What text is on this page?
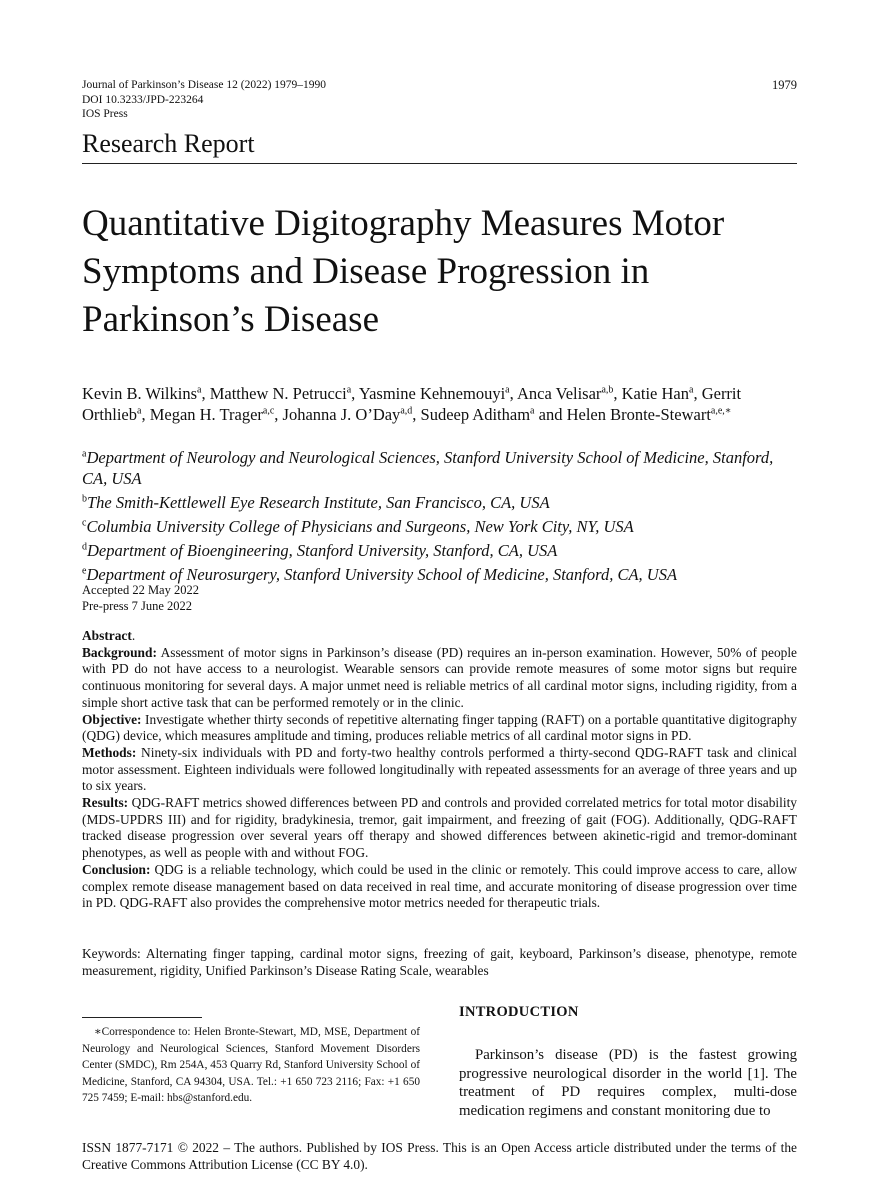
Journal of Parkinson’s Disease 12 (2022) 1979–1990
DOI 10.3233/JPD-223264
IOS Press
1979
Research Report
Quantitative Digitography Measures Motor Symptoms and Disease Progression in Parkinson’s Disease
Kevin B. Wilkins$^a$, Matthew N. Petrucci$^a$, Yasmine Kehnemouyi$^a$, Anca Velisar$^{a,b}$, Katie Han$^a$, Gerrit Orthlieb$^a$, Megan H. Trager$^{a,c}$, Johanna J. O’Day$^{a,d}$, Sudeep Aditham$^a$ and Helen Bronte-Stewart$^{a,e,∗}$
$^a$Department of Neurology and Neurological Sciences, Stanford University School of Medicine, Stanford, CA, USA
$^b$The Smith-Kettlewell Eye Research Institute, San Francisco, CA, USA
$^c$Columbia University College of Physicians and Surgeons, New York City, NY, USA
$^d$Department of Bioengineering, Stanford University, Stanford, CA, USA
$^e$Department of Neurosurgery, Stanford University School of Medicine, Stanford, CA, USA
Accepted 22 May 2022
Pre-press 7 June 2022

Abstract.

Background: Assessment of motor signs in Parkinson’s disease (PD) requires an in-person examination. However, 50% of people with PD do not have access to a neurologist. Wearable sensors can provide remote measures of some motor signs but require continuous monitoring for several days. A major unmet need is reliable metrics of all cardinal motor signs, including rigidity, from a simple short active task that can be performed remotely or in the clinic.

Objective: Investigate whether thirty seconds of repetitive alternating finger tapping (RAFT) on a portable quantitative digitography (QDG) device, which measures amplitude and timing, produces reliable metrics of all cardinal motor signs in PD.

Methods: Ninety-six individuals with PD and forty-two healthy controls performed a thirty-second QDG-RAFT task and clinical motor assessment. Eighteen individuals were followed longitudinally with repeated assessments for an average of three years and up to six years.

Results: QDG-RAFT metrics showed differences between PD and controls and provided correlated metrics for total motor disability (MDS-UPDRS III) and for rigidity, bradykinesia, tremor, gait impairment, and freezing of gait (FOG). Additionally, QDG-RAFT tracked disease progression over several years off therapy and showed differences between akinetic-rigid and tremor-dominant phenotypes, as well as people with and without FOG.

Conclusion: QDG is a reliable technology, which could be used in the clinic or remotely. This could improve access to care, allow complex remote disease management based on data received in real time, and accurate monitoring of disease progression over time in PD. QDG-RAFT also provides the comprehensive motor metrics needed for therapeutic trials.

Keywords: Alternating finger tapping, cardinal motor signs, freezing of gait, keyboard, Parkinson’s disease, phenotype, remote measurement, rigidity, Unified Parkinson’s Disease Rating Scale, wearables
∗Correspondence to: Helen Bronte-Stewart, MD, MSE, Department of Neurology and Neurological Sciences, Stanford Movement Disorders Center (SMDC), Rm 254A, 453 Quarry Rd, Stanford University School of Medicine, Stanford, CA 94304, USA. Tel.: +1 650 723 2116; Fax: +1 650 725 7459; E-mail: hbs@stanford.edu.
INTRODUCTION

Parkinson’s disease (PD) is the fastest growing progressive neurological disorder in the world [1]. The treatment of PD requires complex, multi-dose medication regimens and constant monitoring due to

ISSN 1877-7171 © 2022 – The authors. Published by IOS Press. This is an Open Access article distributed under the terms of the Creative Commons Attribution License (CC BY 4.0).
